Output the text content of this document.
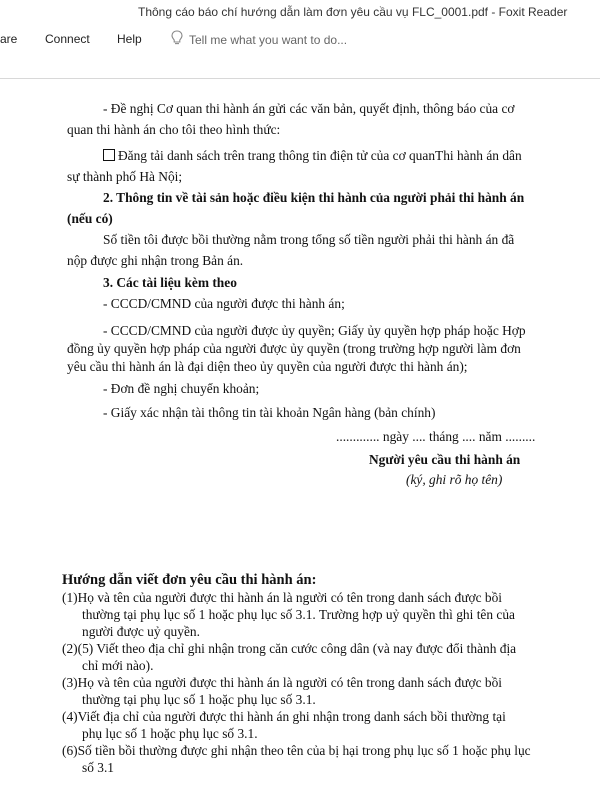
Thông cáo báo chí hướng dẫn làm đơn yêu cầu vụ FLC_0001.pdf - Foxit Reader
are Connect Help	Tell me what you want to do...
- Đề nghị Cơ quan thi hành án gửi các văn bản, quyết định, thông báo của cơ
quan thi hành án cho tôi theo hình thức:
Đăng tải danh sách trên trang thông tin điện tử của cơ quanThi hành án dân
sự thành phố Hà Nội;
2. Thông tin về tài sản hoặc điều kiện thi hành của người phải thi hành án
(nếu có)
Số tiền tôi được bồi thường nằm trong tổng số tiền người phải thi hành án đã
nộp được ghi nhận trong Bản án.
3. Các tài liệu kèm theo
- CCCD/CMND của người được thi hành án;
- CCCD/CMND của người được ủy quyền; Giấy ủy quyền hợp pháp hoặc Hợp
đồng ủy quyền hợp pháp của người được ủy quyền (trong trường hợp người làm đơn
yêu cầu thi hành án là đại diện theo ủy quyền của người được thi hành án);
- Đơn đề nghị chuyển khoản;
- Giấy xác nhận tài thông tin tài khoản Ngân hàng (bản chính)
............. ngày .... tháng .... năm .........
Người yêu cầu thi hành án
(ký, ghi rõ họ tên)
Hướng dẫn viết đơn yêu cầu thi hành án:
(1)Họ và tên của người được thi hành án là người có tên trong danh sách được bồi
thường tại phụ lục số 1 hoặc phụ lục số 3.1. Trường hợp uỷ quyền thì ghi tên của
người được uỷ quyền.
(2)(5) Viết theo địa chỉ ghi nhận trong căn cước công dân (và nay được đổi thành địa
chỉ mới nào).
(3)Họ và tên của người được thi hành án là người có tên trong danh sách được bồi
thường tại phụ lục số 1 hoặc phụ lục số 3.1.
(4)Viết địa chỉ của người được thi hành án ghi nhận trong danh sách bồi thường tại
phụ lục số 1 hoặc phụ lục số 3.1.
(6)Số tiền bồi thường được ghi nhận theo tên của bị hại trong phụ lục số 1 hoặc phụ lục
số 3.1
